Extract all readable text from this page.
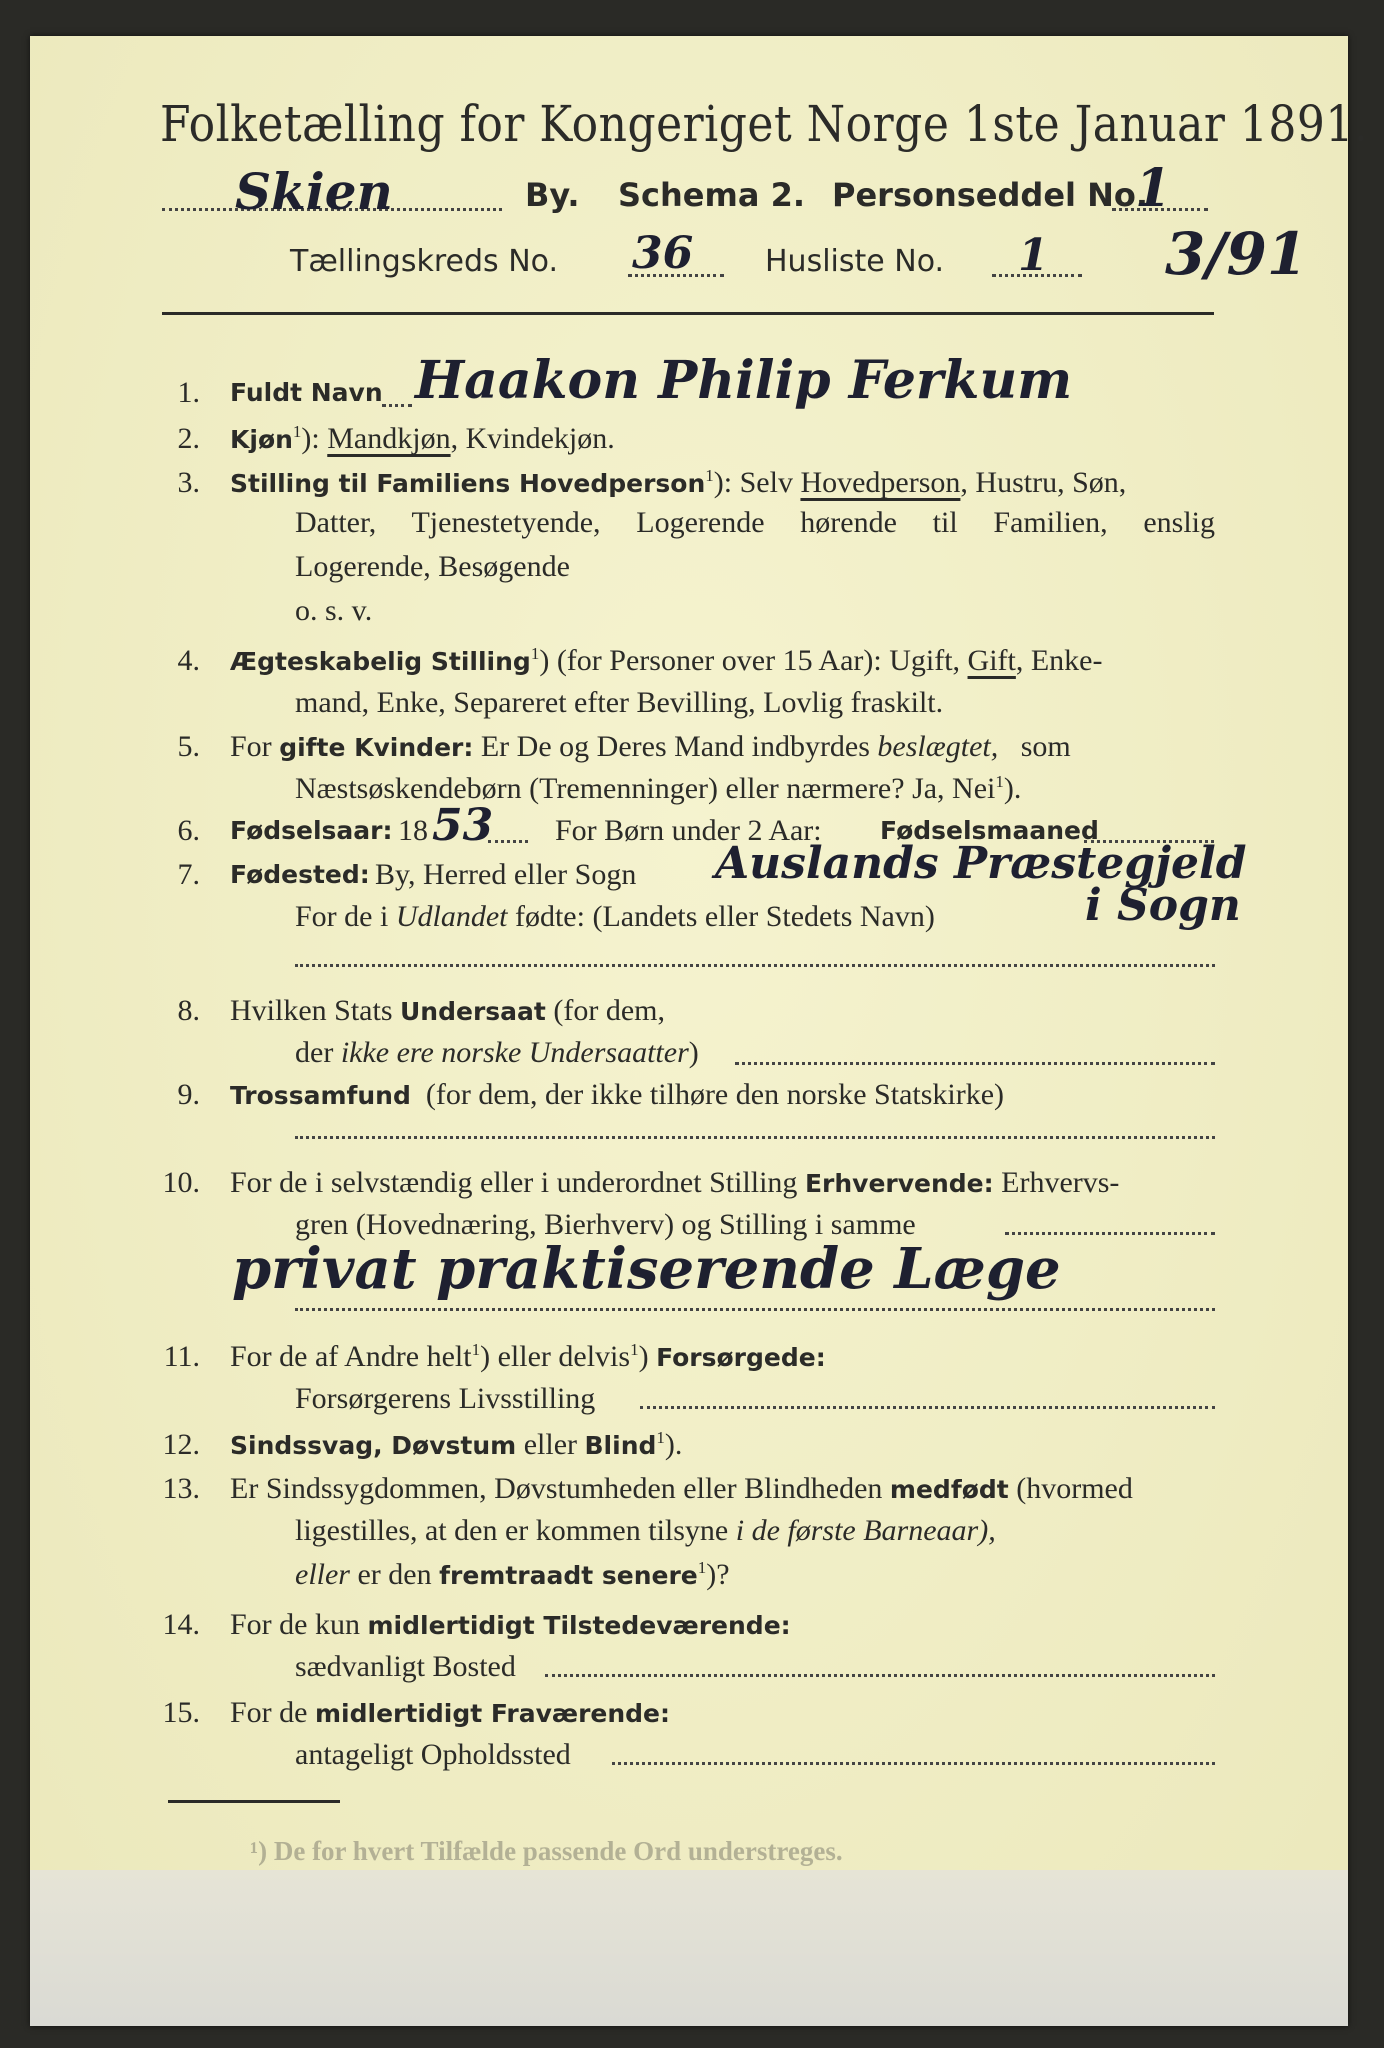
Folketælling for Kongeriget Norge 1ste Januar 1891.
Skien	By. Schema 2. Personseddel No.
1
Tællingskreds No. 36 Husliste No. 1 3/91
1. Fuldt Navn Haakon Philip Ferkum
2. Kjøn$^1$): Mandkjøn, Kvindekjøn.
3. Stilling til Familiens Hovedperson$^1$): Selv Hovedperson, Hustru, Søn,
Datter, Tjenestetyende, Logerende hørende til Familien, enslig
Logerende, Besøgende
o. s. v.
4. Ægteskabelig Stilling$^1$) (for Personer over 15 Aar): Ugift, Gift, Enke-
mand, Enke, Separeret efter Bevilling, Lovlig fraskilt.
5. For gifte Kvinder: Er De og Deres Mand indbyrdes beslægtet, som
Næstsøskendebørn (Tremenninger) eller nærmere? Ja, Nei$^1$).
6. Fødselsaar: 18 53 For Børn under 2 Aar: Fødselsmaaned
7. Fødested: By, Herred eller Sogn Auslands Præstegjeld
For de i Udlandet fødte: (Landets eller Stedets Navn)	i Sogn
8. Hvilken Stats Undersaat (for dem,
der ikke ere norske Undersaatter)
9. Trossamfund (for dem, der ikke tilhøre den norske Statskirke)
10. For de i selvstændig eller i underordnet Stilling Erhvervende: Erhvervs-
gren (Hovednæring, Bierhverv) og Stilling i samme
privat praktiserende Læge
11. For de af Andre helt$^1$) eller delvis$^1$) Forsørgede:
Forsørgerens Livsstilling
12. Sindssvag, Døvstum eller Blind$^1$).
13. Er Sindssygdommen, Døvstumheden eller Blindheden medfødt (hvormed
ligestilles, at den er kommen tilsyne i de første Barneaar),
eller er den fremtraadt senere$^1$)?
14. For de kun midlertidigt Tilstedeværende:
sædvanligt Bosted
15. For de midlertidigt Fraværende:
antageligt Opholdssted
¹) De for hvert Tilfælde passende Ord understreges.
